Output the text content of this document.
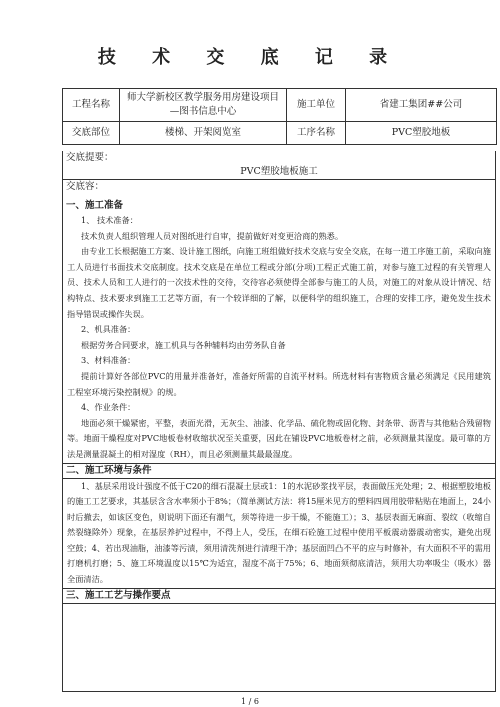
技 术 交 底 记 录
工程名称	师大学新校区教学服务用房建设项目—图书信息中心	施工单位	省建工集团##公司
交底部位	楼梯、开架阅览室	工序名称	PVC塑胶地板
交底提要：
PVC塑胶地板施工
交底容：
一、施工准备
1、 技术准备：
技术负责人组织管理人员对图纸进行自审，提前做好对变更洽商的熟悉。
由专业工长根据施工方案、设计施工图纸，向施工班组做好技术交底与安全交底，在每一道工序施工前，采取向施工人员进行书面技术交底制度。技术交底是在单位工程或分部(分项)工程正式施工前，对参与施工过程的有关管理人员、技术人员和工人进行的一次技术性的交待，交待容必须使得全部参与施工的人员，对施工的对象从设计情况、结构特点、技术要求到施工工艺等方面，有一个较详细的了解，以便科学的组织施工，合理的安排工序，避免发生技术指导错误或操作失误。
2、机具准备：
根据劳务合同要求，施工机具与各种辅料均由劳务队自备
3、材料准备：
提前计算好各部位PVC的用量并准备好，准备好所需的自流平材料。所选材料有害物质含量必须满足《民用建筑工程室环境污染控制规》的规。
4、作业条件：
地面必须干燥紧密，平整，表面光滑，无灰尘、油漆、化学品、硫化物或固化物、封条带、沥青与其他粘合残留物等。地面干燥程度对PVC地板卷材收缩状况至关重要，因此在铺设PVC地板卷材之前，必须测量其湿度。最可靠的方法是测量混凝土的相对湿度（RH），而且必须测量其最最湿度。
二、施工环境与条件
1、基层采用设计强度不低于C20的细石混凝土层或1：1的水泥砂浆找平层，表面做压光处理；2、根据塑胶地板的施工工艺要求，其基层含含水率须小于8%；（简单测试方法：将15厘米见方的塑料四周用胶带粘贴在地面上，24小时后撤去，如该区变色，则说明下面还有潮气，须等待进一步干燥，不能施工）；3、基层表面无麻面、裂纹（收缩自然裂缝除外）现象，在基层养护过程中，不得上人，受压，在细石砼施工过程中使用平板震动器震动密实，避免出现空鼓；4、若出现油脂，油漆等污渍，须用清洗剂进行清理干净；基层面凹凸不平的应与时修补，有大面积不平的需用打磨机打磨；5、施工环境温度以15℃为适宜，湿度不高于75%；6、地面须彻底清洁，须用大功率吸尘（吸水）器全面清洁。
三、施工工艺与操作要点
1 / 6
